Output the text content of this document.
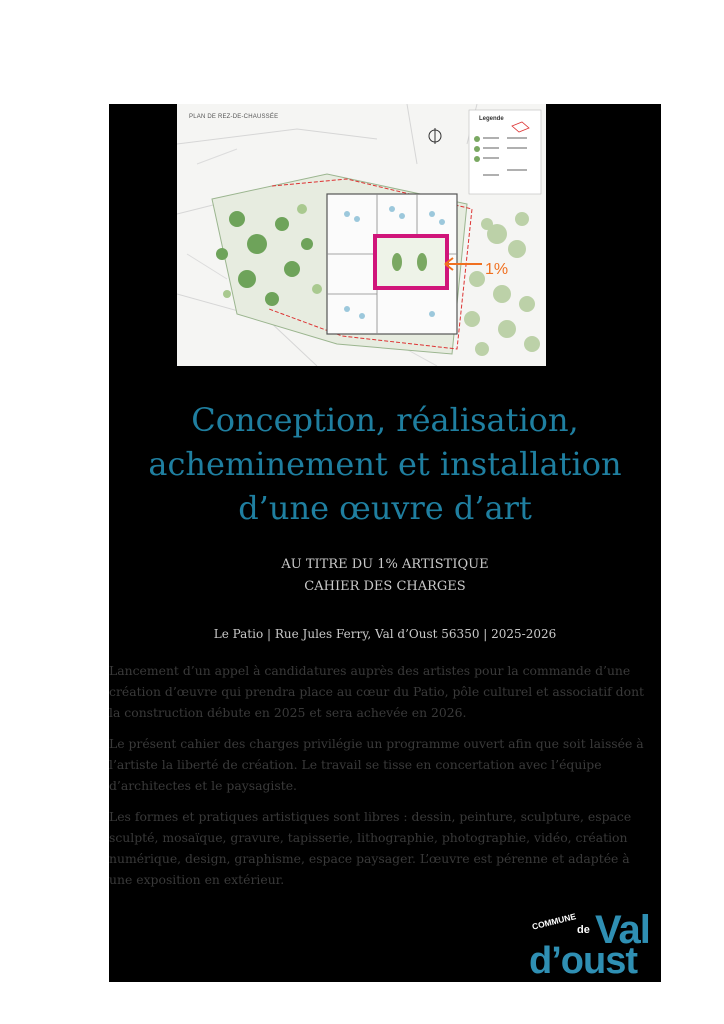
1%
PLAN DE REZ-DE-CHAUSSÉE	Legende
Conception, réalisation,
acheminement et installation
d’une œuvre d’art
AU TITRE DU 1% ARTISTIQUE
CAHIER DES CHARGES
Le Patio | Rue Jules Ferry, Val d’Oust 56350 | 2025-2026

Lancement d’un appel à candidatures auprès des artistes pour la commande d’une création d’œuvre qui prendra place au cœur du Patio, pôle culturel et associatif dont la construction débute en 2025 et sera achevée en 2026.

Le présent cahier des charges privilégie un programme ouvert afin que soit laissée à l’artiste la liberté de création. Le travail se tisse en concertation avec l’équipe d’architectes et le paysagiste.

Les formes et pratiques artistiques sont libres : dessin, peinture, sculpture, espace sculpté, mosaïque, gravure, tapisserie, lithographie, photographie, vidéo, création numérique, design, graphisme, espace paysager. L’œuvre est pérenne et adaptée à une exposition en extérieur.

COMMUNE de Val
d’oust
